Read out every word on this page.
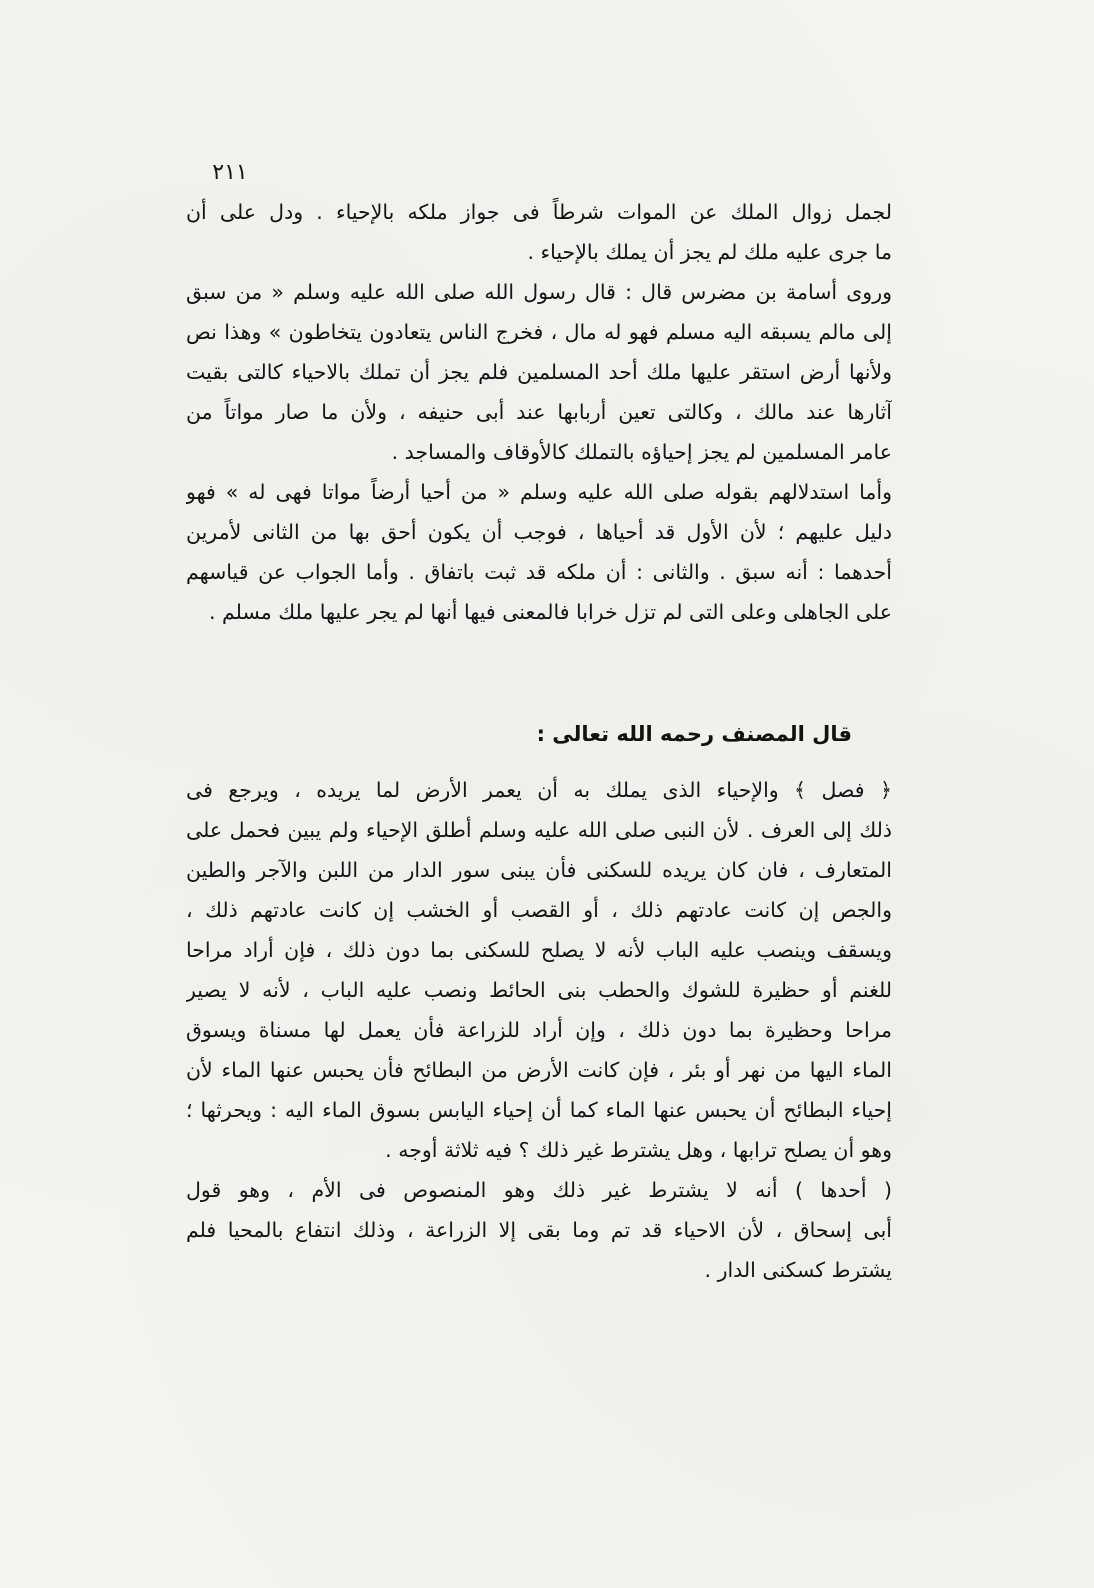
٢١١
لجمل زوال الملك عن الموات شرطاً فى جواز ملكه بالإحياء . ودل على أن
ما جرى عليه ملك لم يجز أن يملك بالإحياء .
وروى أسامة بن مضرس قال : قال رسول الله صلى الله عليه وسلم « من سبق
إلى مالم يسبقه اليه مسلم فهو له مال ، فخرج الناس يتعادون يتخاطون » وهذا نص
ولأنها أرض استقر عليها ملك أحد المسلمين فلم يجز أن تملك بالاحياء كالتى بقيت
آثارها عند مالك ، وكالتى تعين أربابها عند أبى حنيفه ، ولأن ما صار مواتاً من
عامر المسلمين لم يجز إحياؤه بالتملك كالأوقاف والمساجد .
وأما استدلالهم بقوله صلى الله عليه وسلم « من أحيا أرضاً مواتا فهى له » فهو
دليل عليهم ؛ لأن الأول قد أحياها ، فوجب أن يكون أحق بها من الثانى لأمرين
أحدهما : أنه سبق . والثانى : أن ملكه قد ثبت باتفاق . وأما الجواب عن قياسهم
على الجاهلى وعلى التى لم تزل خرابا فالمعنى فيها أنها لم يجر عليها ملك مسلم .
قال المصنف رحمه الله تعالى :
﴿ فصل ﴾ والإحياء الذى يملك به أن يعمر الأرض لما يريده ، ويرجع فى
ذلك إلى العرف . لأن النبى صلى الله عليه وسلم أطلق الإحياء ولم يبين فحمل على
المتعارف ، فان كان يريده للسكنى فأن يبنى سور الدار من اللبن والآجر والطين
والجص إن كانت عادتهم ذلك ، أو القصب أو الخشب إن كانت عادتهم ذلك ،
ويسقف وينصب عليه الباب لأنه لا يصلح للسكنى بما دون ذلك ، فإن أراد مراحا
للغنم أو حظيرة للشوك والحطب بنى الحائط ونصب عليه الباب ، لأنه لا يصير
مراحا وحظيرة بما دون ذلك ، وإن أراد للزراعة فأن يعمل لها مسناة ويسوق
الماء اليها من نهر أو بئر ، فإن كانت الأرض من البطائح فأن يحبس عنها الماء لأن
إحياء البطائح أن يحبس عنها الماء كما أن إحياء اليابس بسوق الماء اليه : ويحرثها ؛
وهو أن يصلح ترابها ، وهل يشترط غير ذلك ؟ فيه ثلاثة أوجه .
( أحدها ) أنه لا يشترط غير ذلك وهو المنصوص فى الأم ، وهو قول
أبى إسحاق ، لأن الاحياء قد تم وما بقى إلا الزراعة ، وذلك انتفاع بالمحيا فلم
يشترط كسكنى الدار .
